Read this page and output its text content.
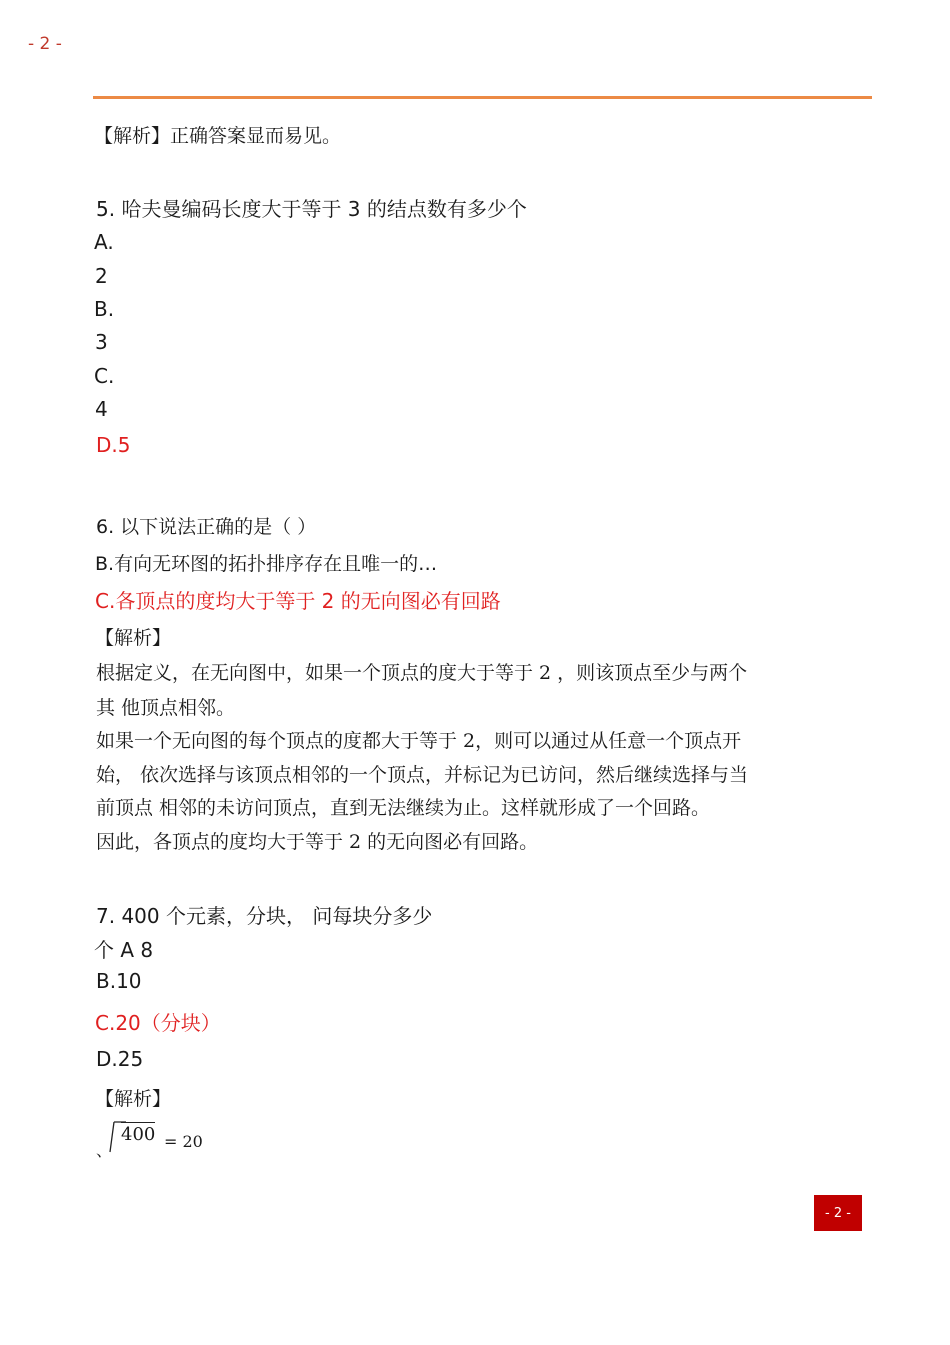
- 2 -
【解析】正确答案显而易见。
5. 哈夫曼编码长度大于等于 3 的结点数有多少个
A.
2
B.
3
C.
4
D.5
6. 以下说法正确的是（ ）
B.有向无环图的拓扑排序存在且唯一的…
C.各顶点的度均大于等于 2 的无向图必有回路
【解析】
根据定义，在无向图中，如果一个顶点的度大于等于 2 ，则该顶点至少与两个
其 他顶点相邻。
如果一个无向图的每个顶点的度都大于等于 2，则可以通过从任意一个顶点开
始， 依次选择与该顶点相邻的一个顶点，并标记为已访问，然后继续选择与当
前顶点 相邻的未访问顶点，直到无法继续为止。这样就形成了一个回路。
因此，各顶点的度均大于等于 2 的无向图必有回路。
7. 400 个元素，分块， 问每块分多少
个 A 8
B.10
C.20（分块）
D.25
【解析】
、
400 = 20
- 2 -
